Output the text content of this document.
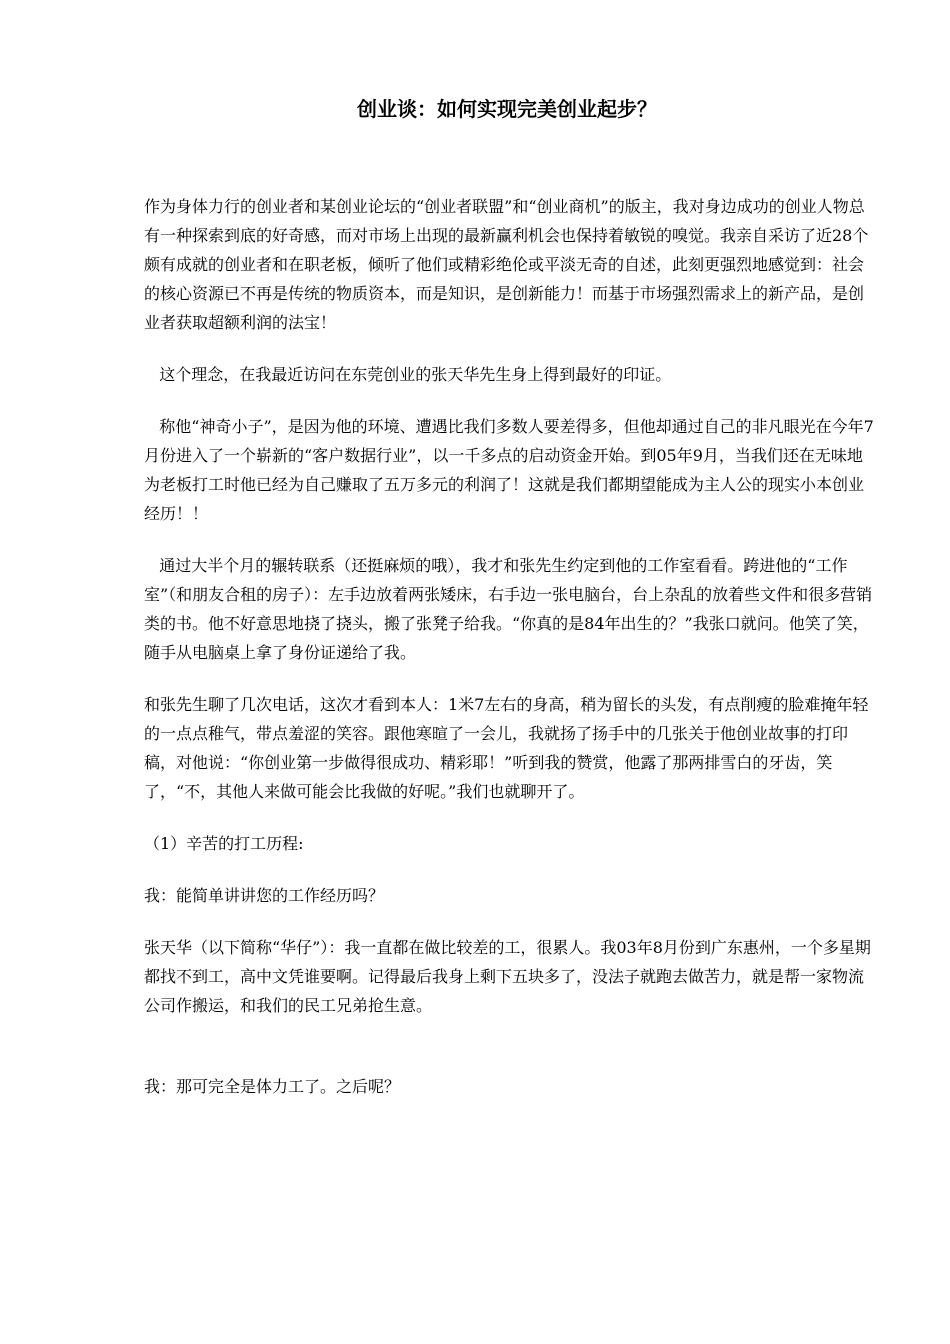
创业谈：如何实现完美创业起步？

作为身体力行的创业者和某创业论坛的“创业者联盟”和“创业商机”的版主，我对身边成功的创业人物总有一种探索到底的好奇感，而对市场上出现的最新赢利机会也保持着敏锐的嗅觉。我亲自采访了近28个颇有成就的创业者和在职老板，倾听了他们或精彩绝伦或平淡无奇的自述，此刻更强烈地感觉到：社会的核心资源已不再是传统的物质资本，而是知识，是创新能力！而基于市场强烈需求上的新产品，是创业者获取超额利润的法宝！

这个理念，在我最近访问在东莞创业的张天华先生身上得到最好的印证。

称他“神奇小子”，是因为他的环境、遭遇比我们多数人要差得多，但他却通过自己的非凡眼光在今年7月份进入了一个崭新的“客户数据行业”，以一千多点的启动资金开始。到05年9月，当我们还在无味地为老板打工时他已经为自己赚取了五万多元的利润了！这就是我们都期望能成为主人公的现实小本创业经历！！

通过大半个月的辗转联系（还挺麻烦的哦），我才和张先生约定到他的工作室看看。跨进他的“工作室”（和朋友合租的房子）：左手边放着两张矮床，右手边一张电脑台，台上杂乱的放着些文件和很多营销类的书。他不好意思地挠了挠头，搬了张凳子给我。“你真的是84年出生的？”我张口就问。他笑了笑，随手从电脑桌上拿了身份证递给了我。

和张先生聊了几次电话，这次才看到本人：1米7左右的身高，稍为留长的头发，有点削瘦的脸难掩年轻的一点点稚气，带点羞涩的笑容。跟他寒暄了一会儿，我就扬了扬手中的几张关于他创业故事的打印稿，对他说：“你创业第一步做得很成功、精彩耶！”听到我的赞赏，他露了那两排雪白的牙齿，笑了，“不，其他人来做可能会比我做的好呢。”我们也就聊开了。

（1）辛苦的打工历程:

我：能简单讲讲您的工作经历吗？

张天华（以下简称“华仔”）：我一直都在做比较差的工，很累人。我03年8月份到广东惠州，一个多星期都找不到工，高中文凭谁要啊。记得最后我身上剩下五块多了，没法子就跑去做苦力，就是帮一家物流公司作搬运，和我们的民工兄弟抢生意。

我：那可完全是体力工了。之后呢？
